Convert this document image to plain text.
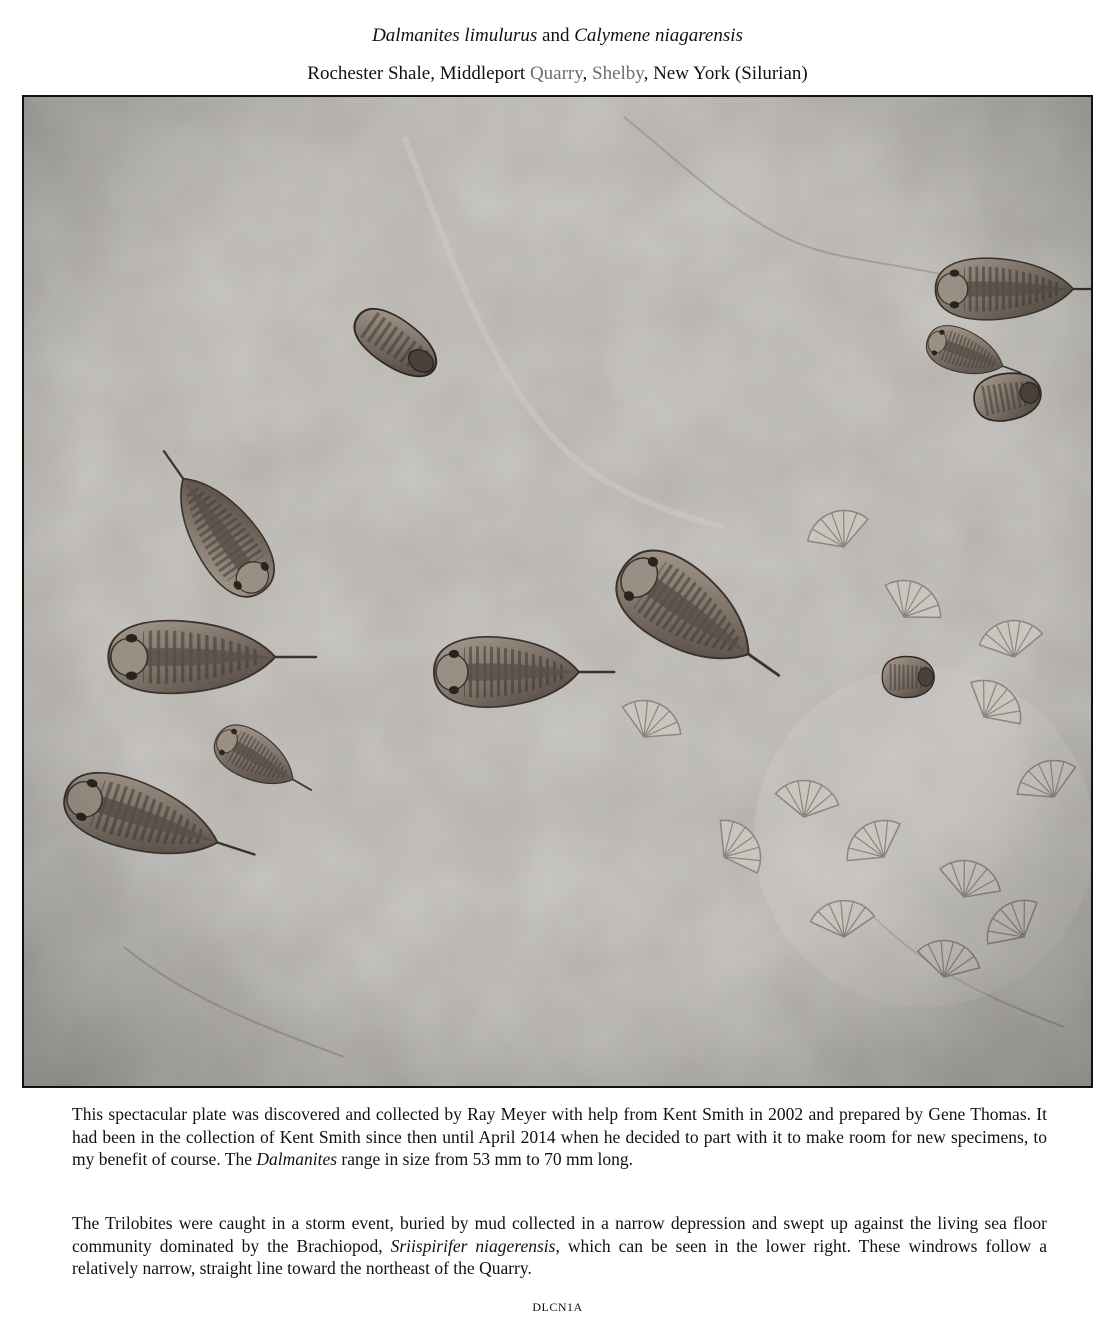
Dalmanites limulurus and Calymene niagarensis
Rochester Shale, Middleport Quarry, Shelby, New York (Silurian)

This spectacular plate was discovered and collected by Ray Meyer with help from Kent Smith in 2002 and prepared by Gene Thomas. It had been in the collection of Kent Smith since then until April 2014 when he decided to part with it to make room for new specimens, to my benefit of course. The Dalmanites range in size from 53 mm to 70 mm long.

The Trilobites were caught in a storm event, buried by mud collected in a narrow depression and swept up against the living sea floor community dominated by the Brachiopod, Sriispirifer niagerensis, which can be seen in the lower right. These windrows follow a relatively narrow, straight line toward the northeast of the Quarry.

DLCN1A
